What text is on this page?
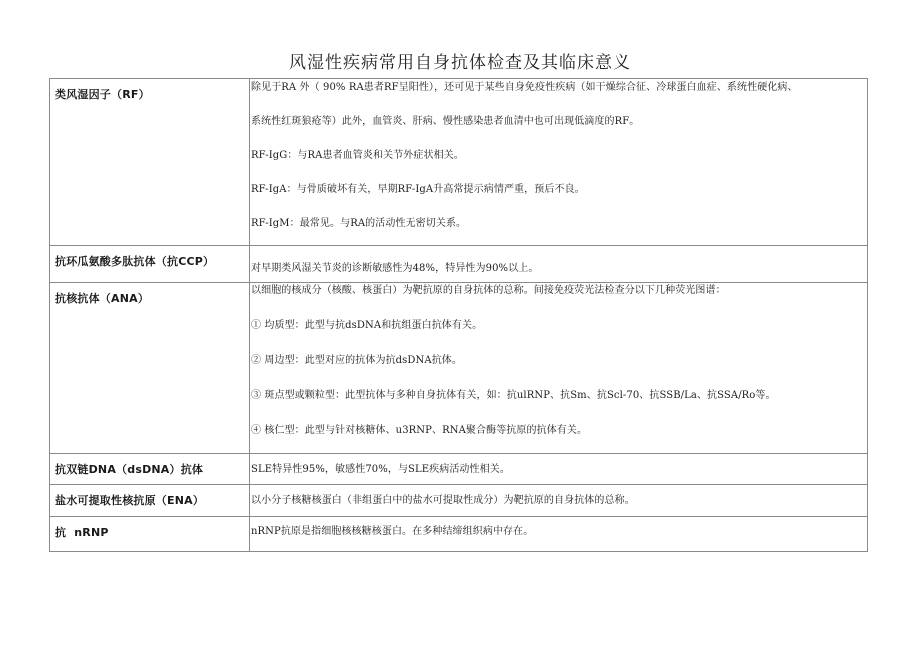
风湿性疾病常用自身抗体检查及其临床意义
类风湿因子（RF）	除见于RA 外（ 90% RA患者RF呈阳性），还可见于某些自身免疫性疾病（如干燥综合征、冷球蛋白血症、系统性硬化病、
系统性红斑狼疮等）此外，血管炎、肝病、慢性感染患者血清中也可出现低滴度的RF。
RF-IgG：与RA患者血管炎和关节外症状相关。
RF-IgA：与骨质破坏有关，早期RF-IgA升高常提示病情严重，预后不良。
RF-IgM：最常见。与RA的活动性无密切关系。

抗环瓜氨酸多肽抗体（抗CCP）	对早期类风湿关节炎的诊断敏感性为48%，特异性为90%以上。

抗核抗体（ANA）	以细胞的核成分（核酸、核蛋白）为靶抗原的自身抗体的总称。间接免疫荧光法检查分以下几种荧光图谱：
① 均质型：此型与抗dsDNA和抗组蛋白抗体有关。
② 周边型：此型对应的抗体为抗dsDNA抗体。
③ 斑点型或颗粒型：此型抗体与多种自身抗体有关，如：抗ulRNP、抗Sm、抗Scl-70、抗SSB/La、抗SSA/Ro等。
④ 核仁型：此型与针对核糖体、u3RNP、RNA聚合酶等抗原的抗体有关。

抗双链DNA（dsDNA）抗体	SLE特异性95%，敏感性70%，与SLE疾病活动性相关。

盐水可提取性核抗原（ENA）	以小分子核糖核蛋白（非组蛋白中的盐水可提取性成分）为靶抗原的自身抗体的总称。

抗  nRNP	nRNP抗原是指细胞核核糖核蛋白。在多种结缔组织病中存在。
